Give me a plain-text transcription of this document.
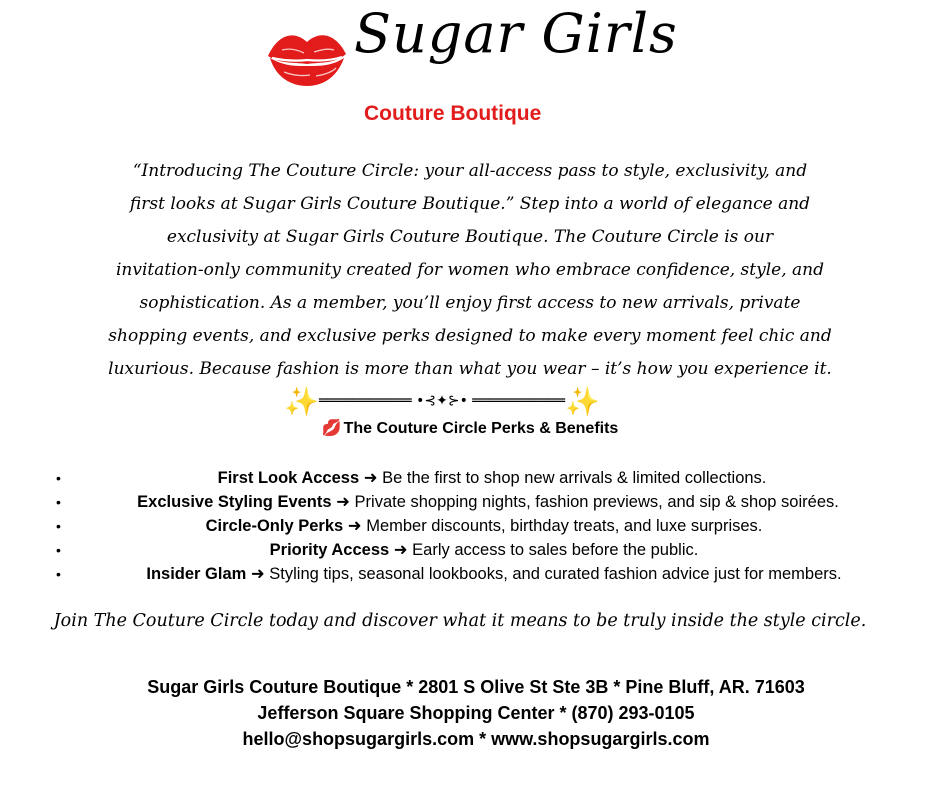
Sugar Girls
Couture Boutique
“Introducing The Couture Circle: your all-access pass to style, exclusivity, and
first looks at Sugar Girls Couture Boutique.” Step into a world of elegance and
exclusivity at Sugar Girls Couture Boutique. The Couture Circle is our
invitation-only community created for women who embrace confidence, style, and
sophistication. As a member, you’ll enjoy first access to new arrivals, private
shopping events, and exclusive perks designed to make every moment feel chic and
luxurious. Because fashion is more than what you wear – it’s how you experience it.
✨ ═══════════ •⊰✦⊱• ═══════════ ✨
💋 The Couture Circle Perks & Benefits
•	First Look Access ➜ Be the first to shop new arrivals & limited collections.
•	Exclusive Styling Events ➜ Private shopping nights, fashion previews, and sip & shop soirées.
•	Circle-Only Perks ➜ Member discounts, birthday treats, and luxe surprises.
•	Priority Access ➜ Early access to sales before the public.
•	Insider Glam ➜ Styling tips, seasonal lookbooks, and curated fashion advice just for members.
Join The Couture Circle today and discover what it means to be truly inside the style circle.
Sugar Girls Couture Boutique * 2801 S Olive St Ste 3B * Pine Bluff, AR. 71603
Jefferson Square Shopping Center * (870) 293-0105
hello@shopsugargirls.com * www.shopsugargirls.com
